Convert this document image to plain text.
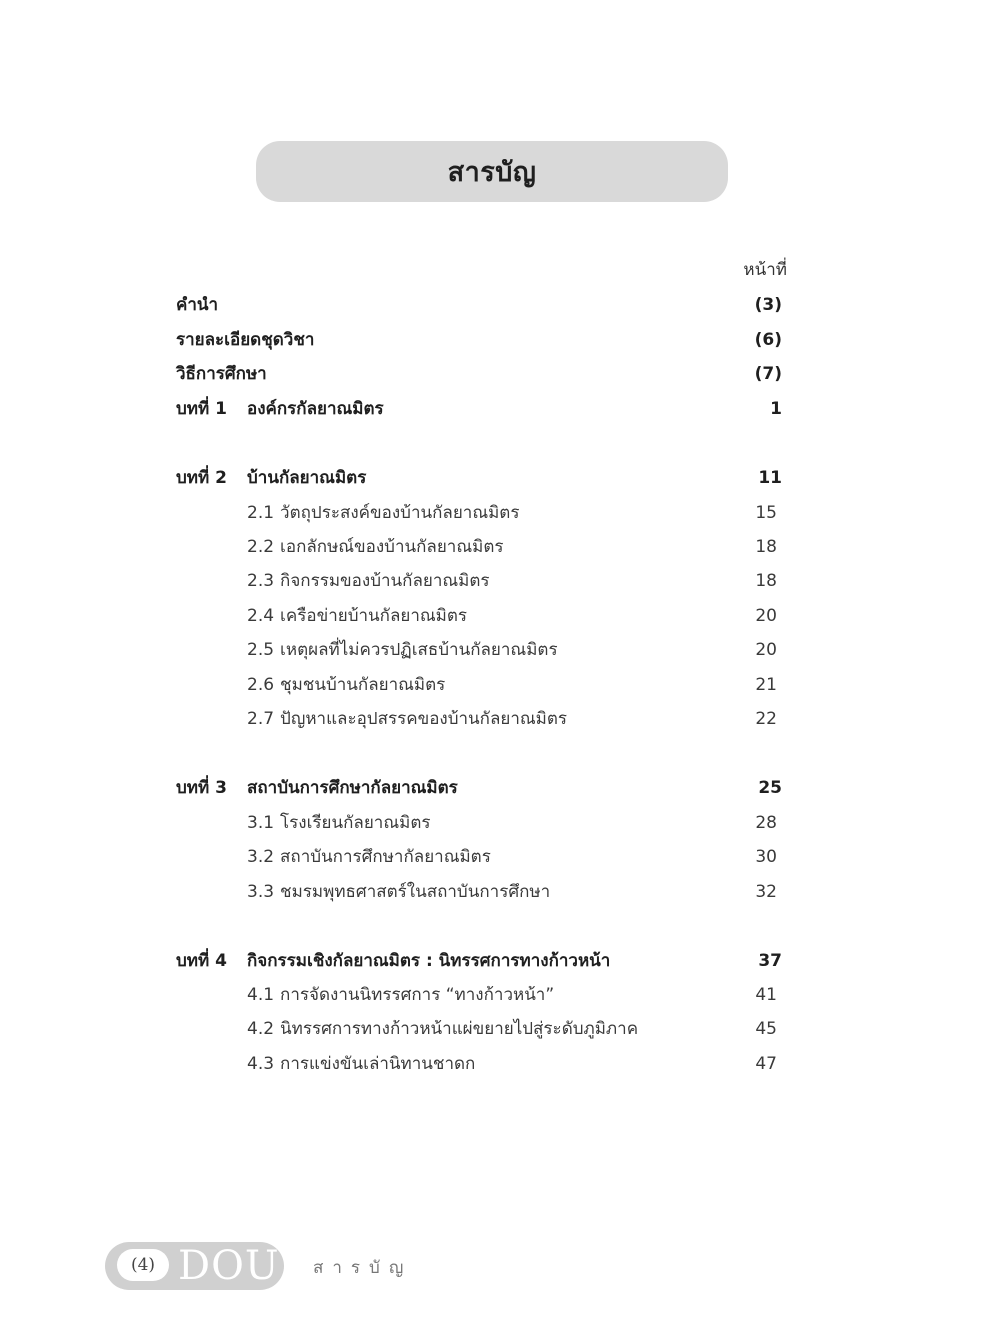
สารบัญ
หน้าที่
คำนำ	(3)
รายละเอียดชุดวิชา	(6)
วิธีการศึกษา	(7)
บทที่ 1 องค์กรกัลยาณมิตร	1
บทที่ 2 บ้านกัลยาณมิตร	11
2.1 วัตถุประสงค์ของบ้านกัลยาณมิตร	15
2.2 เอกลักษณ์ของบ้านกัลยาณมิตร	18
2.3 กิจกรรมของบ้านกัลยาณมิตร	18
2.4 เครือข่ายบ้านกัลยาณมิตร	20
2.5 เหตุผลที่ไม่ควรปฏิเสธบ้านกัลยาณมิตร	20
2.6 ชุมชนบ้านกัลยาณมิตร	21
2.7 ปัญหาและอุปสรรคของบ้านกัลยาณมิตร	22
บทที่ 3 สถาบันการศึกษากัลยาณมิตร	25
3.1 โรงเรียนกัลยาณมิตร	28
3.2 สถาบันการศึกษากัลยาณมิตร	30
3.3 ชมรมพุทธศาสตร์ในสถาบันการศึกษา	32
บทที่ 4 กิจกรรมเชิงกัลยาณมิตร : นิทรรศการทางก้าวหน้า	37
4.1 การจัดงานนิทรรศการ “ทางก้าวหน้า”	41
4.2 นิทรรศการทางก้าวหน้าแผ่ขยายไปสู่ระดับภูมิภาค	45
4.3 การแข่งขันเล่านิทานชาดก	47
(4) DOU สารบัญ
